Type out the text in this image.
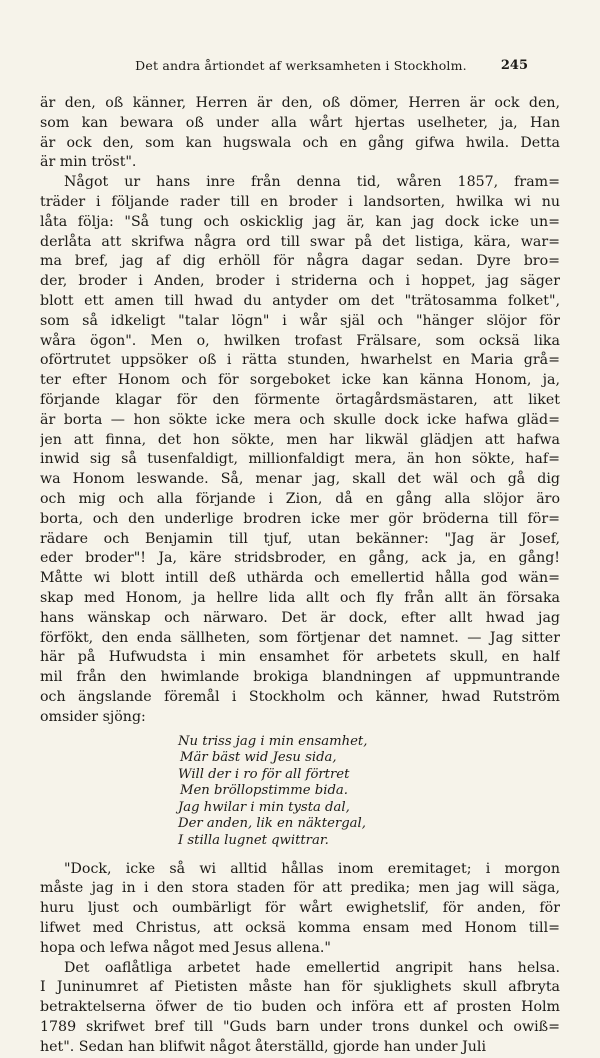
Det andra årtiondet af werksamheten i Stockholm.	245
är den, oß känner, Herren är den, oß dömer, Herren är ock den,
som kan bewara oß under alla wårt hjertas uselheter, ja, Han
är ock den, som kan hugswala och en gång gifwa hwila. Detta
är min tröst".
Något ur hans inre från denna tid, wåren 1857, fram=
träder i följande rader till en broder i landsorten, hwilka wi nu
låta följa: "Så tung och oskicklig jag är, kan jag dock icke un=
derlåta att skrifwa några ord till swar på det listiga, kära, war=
ma bref, jag af dig erhöll för några dagar sedan. Dyre bro=
der, broder i Anden, broder i striderna och i hoppet, jag säger
blott ett amen till hwad du antyder om det "trätosamma folket",
som så idkeligt "talar lögn" i wår själ och "hänger slöjor för
wåra ögon". Men o, hwilken trofast Frälsare, som ocksä lika
oförtrutet uppsöker oß i rätta stunden, hwarhelst en Maria grå=
ter efter Honom och för sorgeboket icke kan känna Honom, ja,
förjande klagar för den förmente örtagårdsmästaren, att liket
är borta — hon sökte icke mera och skulle dock icke hafwa gläd=
jen att finna, det hon sökte, men har likwäl glädjen att hafwa
inwid sig så tusenfaldigt, millionfaldigt mera, än hon sökte, haf=
wa Honom leswande. Så, menar jag, skall det wäl och gå dig
och mig och alla förjande i Zion, då en gång alla slöjor äro
borta, och den underlige brodren icke mer gör bröderna till för=
rädare och Benjamin till tjuf, utan bekänner: "Jag är Josef,
eder broder"! Ja, käre stridsbroder, en gång, ack ja, en gång!
Måtte wi blott intill deß uthärda och emellertid hålla god wän=
skap med Honom, ja hellre lida allt och fly från allt än försaka
hans wänskap och närwaro. Det är dock, efter allt hwad jag
förfökt, den enda sällheten, som förtjenar det namnet. — Jag sitter
här på Hufwudsta i min ensamhet för arbetets skull, en half
mil från den hwimlande brokiga blandningen af uppmuntrande
och ängslande föremål i Stockholm och känner, hwad Rutström
omsider sjöng:
Nu triss jag i min ensamhet,
Mär bäst wid Jesu sida,
Will der i ro för all förtret
Men bröllopstimme bida.
Jag hwilar i min tysta dal,
Der anden, lik en näktergal,
I stilla lugnet qwittrar.
"Dock, icke så wi alltid hållas inom eremitaget; i morgon
måste jag in i den stora staden för att predika; men jag will säga,
huru ljust och oumbärligt för wårt ewighetslif, för anden, för
lifwet med Christus, att ocksä komma ensam med Honom till=
hopa och lefwa något med Jesus allena."
Det oaflåtliga arbetet hade emellertid angripit hans helsa.
I Juninumret af Pietisten måste han för sjuklighets skull afbryta
betraktelserna öfwer de tio buden och införa ett af prosten Holm
1789 skrifwet bref till "Guds barn under trons dunkel och owiß=
het". Sedan han blifwit något återställd, gjorde han under Juli
